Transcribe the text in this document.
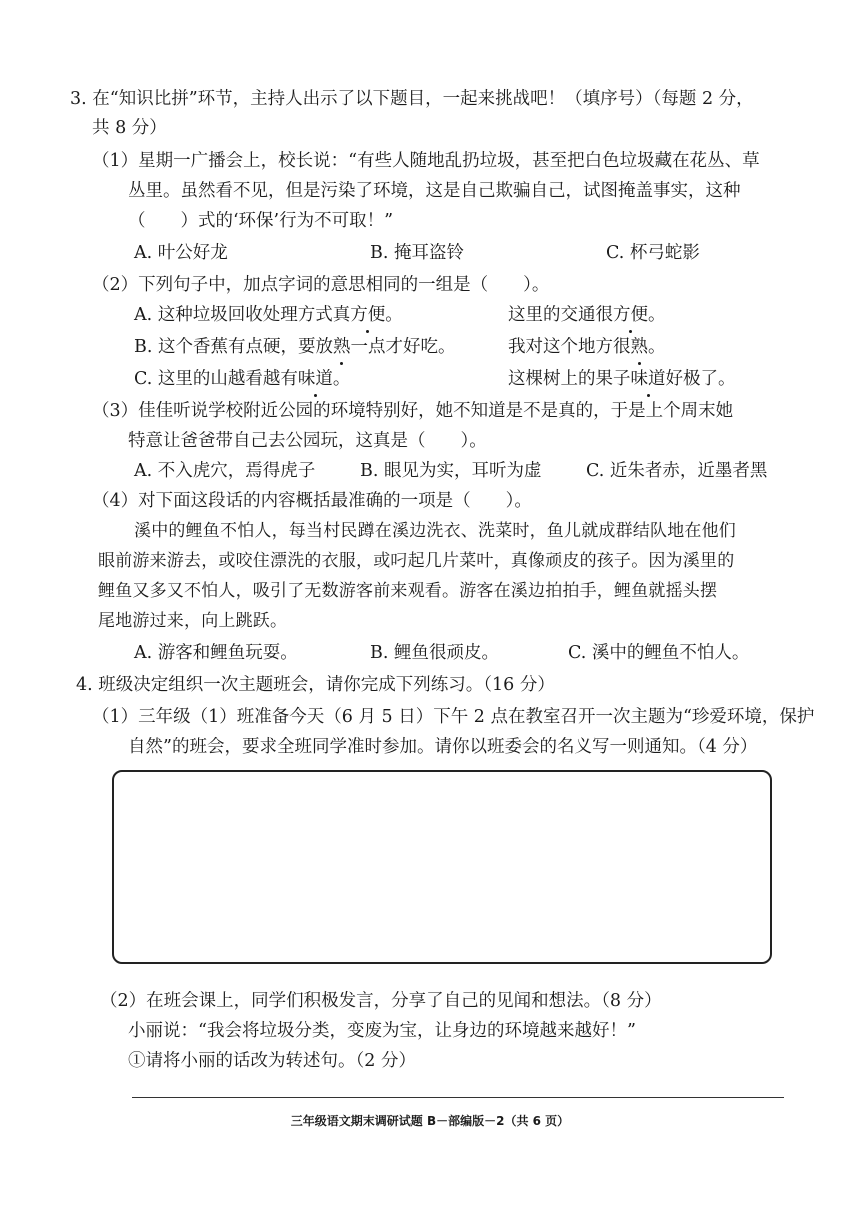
3. 在“知识比拼”环节，主持人出示了以下题目，一起来挑战吧！（填序号）（每题 2 分，
共 8 分）
（1）星期一广播会上，校长说：“有些人随地乱扔垃圾，甚至把白色垃圾藏在花丛、草
丛里。虽然看不见，但是污染了环境，这是自己欺骗自己，试图掩盖事实，这种
（　　）式的‘环保’行为不可取！”
A. 叶公好龙	B. 掩耳盗铃	C. 杯弓蛇影
（2）下列句子中，加点字词的意思相同的一组是（　　）。
A. 这种垃圾回收处理方式真方便。	这里的交通很方便。
B. 这个香蕉有点硬，要放熟一点才好吃。	我对这个地方很熟。
C. 这里的山越看越有味道。	这棵树上的果子味道好极了。
（3）佳佳听说学校附近公园的环境特别好，她不知道是不是真的，于是上个周末她
特意让爸爸带自己去公园玩，这真是（　　）。
A. 不入虎穴，焉得虎子	B. 眼见为实，耳听为虚	C. 近朱者赤，近墨者黑
（4）对下面这段话的内容概括最准确的一项是（　　）。
溪中的鲤鱼不怕人，每当村民蹲在溪边洗衣、洗菜时，鱼儿就成群结队地在他们
眼前游来游去，或咬住漂洗的衣服，或叼起几片菜叶，真像顽皮的孩子。因为溪里的
鲤鱼又多又不怕人，吸引了无数游客前来观看。游客在溪边拍拍手，鲤鱼就摇头摆
尾地游过来，向上跳跃。
A. 游客和鲤鱼玩耍。	B. 鲤鱼很顽皮。	C. 溪中的鲤鱼不怕人。
4. 班级决定组织一次主题班会，请你完成下列练习。（16 分）
（1）三年级（1）班准备今天（6 月 5 日）下午 2 点在教室召开一次主题为“珍爱环境，保护
自然”的班会，要求全班同学准时参加。请你以班委会的名义写一则通知。（4 分）
（2）在班会课上，同学们积极发言，分享了自己的见闻和想法。（8 分）
小丽说：“我会将垃圾分类，变废为宝，让身边的环境越来越好！”
①请将小丽的话改为转述句。（2 分）
三年级语文期末调研试题 B－部编版－2（共 6 页）
